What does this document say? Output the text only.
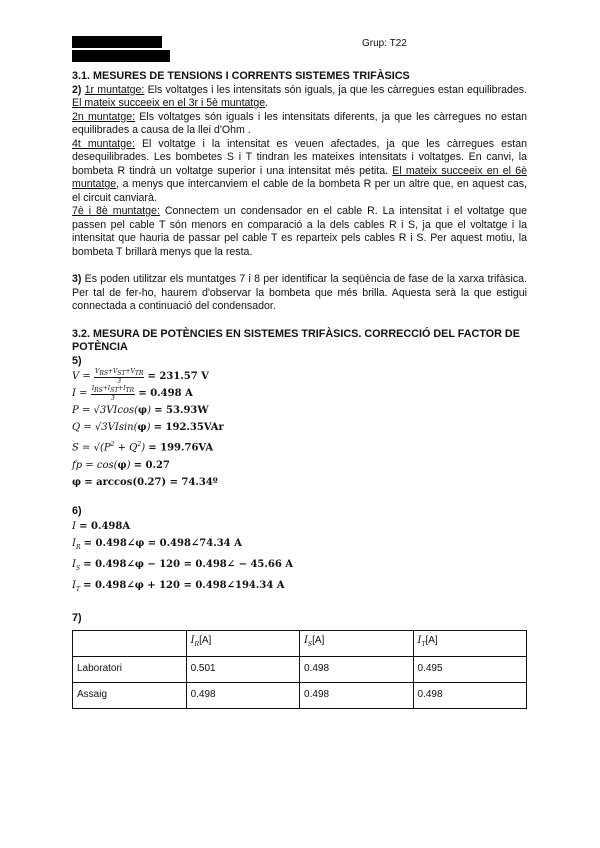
Grup: T22

3.1. MESURES DE TENSIONS I CORRENTS SISTEMES TRIFÀSICS

2) 1r muntatge: Els voltatges i les intensitats són iguals, ja que les càrregues estan equilibrades. El mateix succeeix en el 3r i 5è muntatge.

2n muntatge: Els voltatges són iguals i les intensitats diferents, ja que les càrregues no estan equilibrades a causa de la llei d'Ohm .

4t muntatge: El voltatge i la intensitat es veuen afectades, ja que les càrregues estan desequilibrades. Les bombetes S i T tindran les mateixes intensitats i voltatges. En canvi, la bombeta R tindrà un voltatge superior i una intensitat més petita. El mateix succeeix en el 6è muntatge, a menys que intercanviem el cable de la bombeta R per un altre que, en aquest cas, el circuit canviarà.

7è i 8è muntatge: Connectem un condensador en el cable R. La intensitat i el voltatge que passen pel cable T són menors en comparació a la dels cables R i S, ja que el voltatge i la intensitat que hauria de passar pel cable T es reparteix pels cables R i S. Per aquest motiu, la bombeta T brillarà menys que la resta.

3) Es poden utilitzar els muntatges 7 i 8 per identificar la seqüència de fase de la xarxa trifàsica. Per tal de fer-ho, haurem d'observar la bombeta que més brilla. Aquesta serà la que estigui connectada a continuació del condensador.

3.2. MESURA DE POTÈNCIES EN SISTEMES TRIFÀSICS. CORRECCIÓ DEL FACTOR DE POTÈNCIA

5)

$V = \frac{V_{RS}+V_{ST}+V_{TR}}{3} = 231.57$ V
$I = \frac{I_{RS}+I_{ST}+I_{TR}}{3} = 0.498$ A
P = √3VIcos(φ) = 53.93W
Q = √3VIsin(φ) = 192.35VAr
$S = √(P^2 + Q^2) = 199.76VA$
fp = cos(φ) = 0.27
φ = arccos(0.27) = 74.34º

6)

I = 0.498A
$I_R$ = 0.498∠φ = 0.498∠74.34 A
$I_S$ = 0.498∠φ − 120 = 0.498∠ − 45.66 A
$I_T$ = 0.498∠φ + 120 = 0.498∠194.34 A

7)

	$I_R[A]$	$I_S[A]$	$I_T[A]$
Laboratori	0.501	0.498	0.495
Assaig	0.498	0.498	0.498
